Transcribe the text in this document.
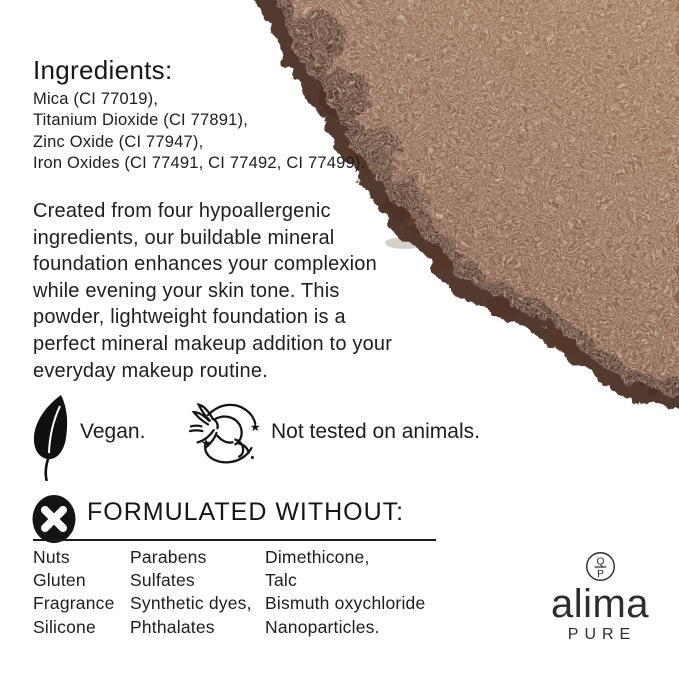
Ingredients:
Mica (CI 77019),
Titanium Dioxide (CI 77891),
Zinc Oxide (CI 77947),
Iron Oxides (CI 77491, CI 77492, CI 77499).
Created from four hypoallergenic
ingredients, our buildable mineral
foundation enhances your complexion
while evening your skin tone. This
powder, lightweight foundation is a
perfect mineral makeup addition to your
everyday makeup routine.
Vegan.	Not tested on animals.
FORMULATED WITHOUT:
Nuts
Gluten
Fragrance
Silicone
Parabens
Sulfates
Synthetic dyes,
Phthalates
Dimethicone,
Talc
Bismuth oxychloride
Nanoparticles.
Q
P
alima
PURE
